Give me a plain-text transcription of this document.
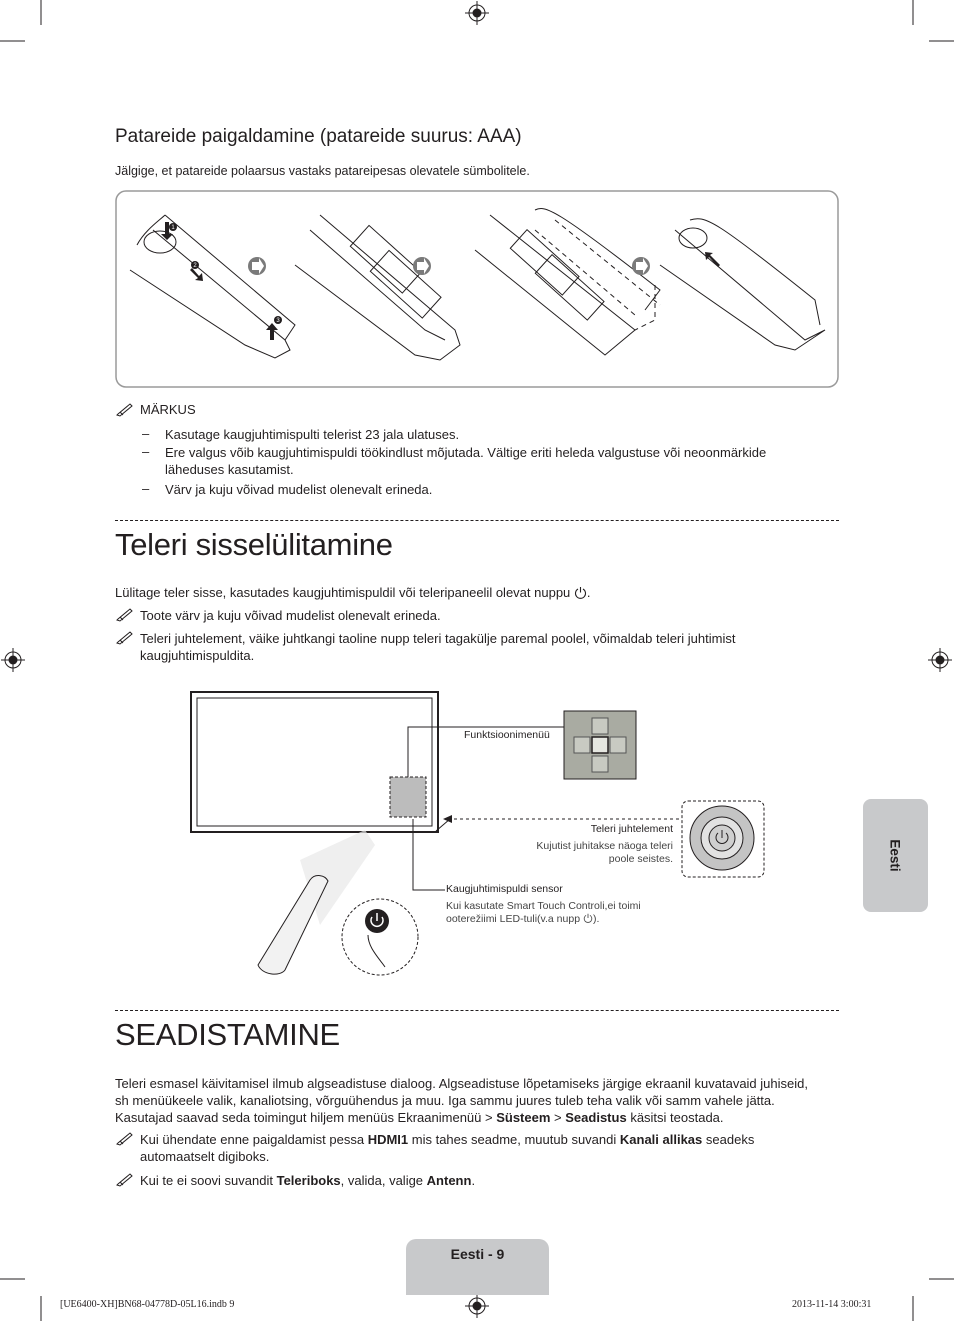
Patareide paigaldamine (patareide suurus: AAA)
Jälgige, et patareide polaarsus vastaks patareipesas olevatele sümbolitele.
1
2
3
MÄRKUS
– Kasutage kaugjuhtimispulti telerist 23 jala ulatuses.
– Ere valgus võib kaugjuhtimispuldi töökindlust mõjutada. Vältige eriti heleda valgustuse või neoonmärkide
läheduses kasutamist.
– Värv ja kuju võivad mudelist olenevalt erineda.
Teleri sisselülitamine
Lülitage teler sisse, kasutades kaugjuhtimispuldil või teleripaneelil olevat nuppu .
Toote värv ja kuju võivad mudelist olenevalt erineda.
Teleri juhtelement, väike juhtkangi taoline nupp teleri tagakülje paremal poolel, võimaldab teleri juhtimist
kaugjuhtimispuldita.
Funktsioonimenüü
Teleri juhtelement
Kujutist juhitakse näoga teleri
poole seistes.
Kaugjuhtimispuldi sensor
Kui kasutate Smart Touch Controli,ei toimi
ooterežiimi LED-tuli(v.a nupp ).
Eesti
SEADISTAMINE
Teleri esmasel käivitamisel ilmub algseadistuse dialoog. Algseadistuse lõpetamiseks järgige ekraanil kuvatavaid juhiseid,
sh menüükeele valik, kanaliotsing, võrguühendus ja muu. Iga sammu juures tuleb teha valik või samm vahele jätta.
Kasutajad saavad seda toimingut hiljem menüüs Ekraanimenüü > Süsteem > Seadistus käsitsi teostada.
Kui ühendate enne paigaldamist pessa HDMI1 mis tahes seadme, muutub suvandi Kanali allikas seadeks
automaatselt digiboks.
Kui te ei soovi suvandit Teleriboks, valida, valige Antenn.
Eesti - 9
[UE6400-XH]BN68-04778D-05L16.indb 9	2013-11-14 3:00:31
